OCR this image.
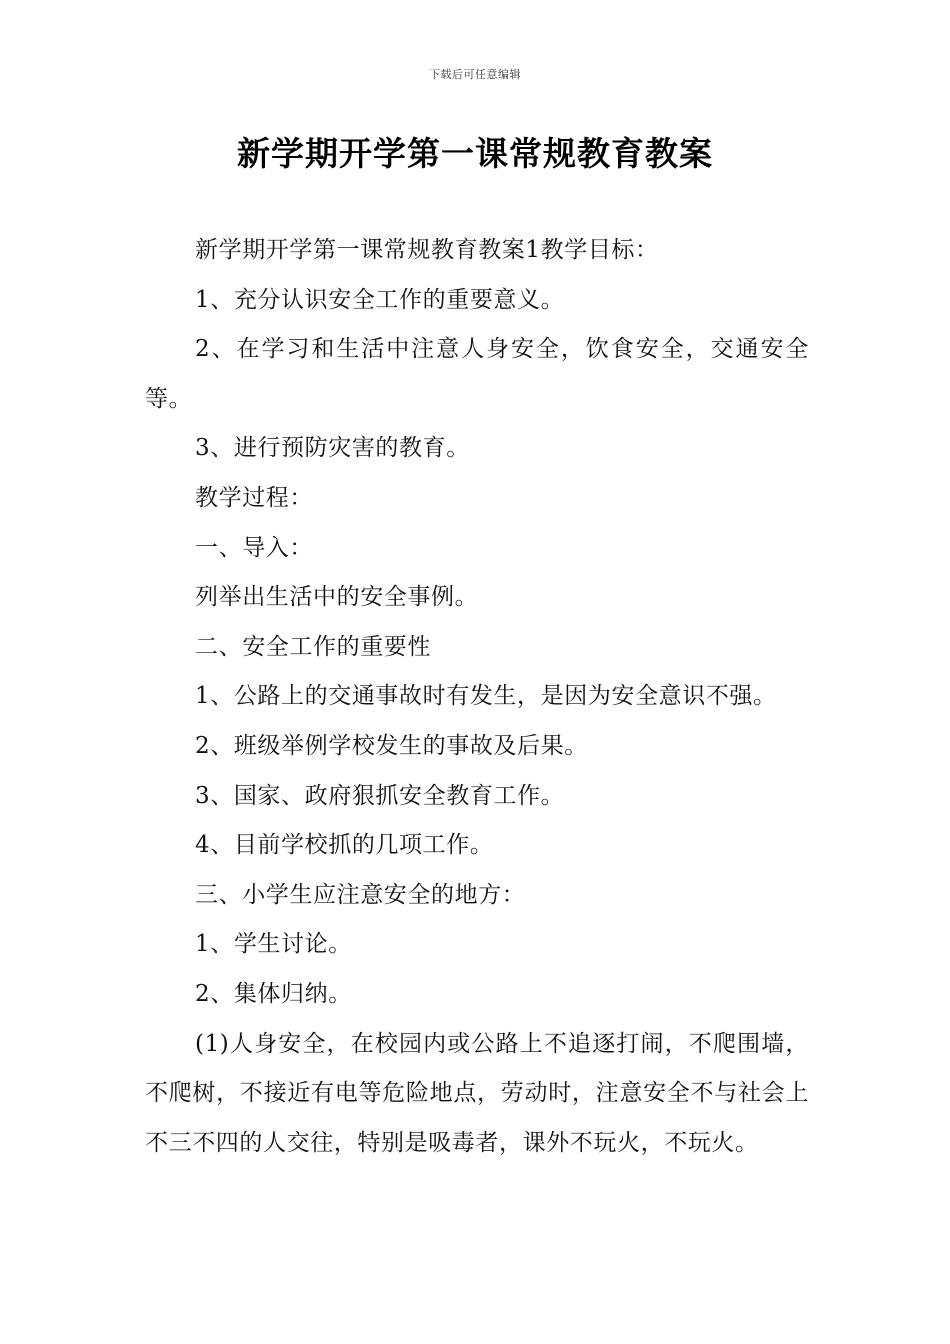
下载后可任意编辑
新学期开学第一课常规教育教案

新学期开学第一课常规教育教案1教学目标：

1、充分认识安全工作的重要意义。

2、在学习和生活中注意人身安全，饮食安全，交通安全等。

3、进行预防灾害的教育。

教学过程：

一、导入：

列举出生活中的安全事例。

二、安全工作的重要性

1、公路上的交通事故时有发生，是因为安全意识不强。

2、班级举例学校发生的事故及后果。

3、国家、政府狠抓安全教育工作。

4、目前学校抓的几项工作。

三、小学生应注意安全的地方：

1、学生讨论。

2、集体归纳。

(1)人身安全，在校园内或公路上不追逐打闹，不爬围墙，不爬树，不接近有电等危险地点，劳动时，注意安全不与社会上不三不四的人交往，特别是吸毒者，课外不玩火，不玩火。
